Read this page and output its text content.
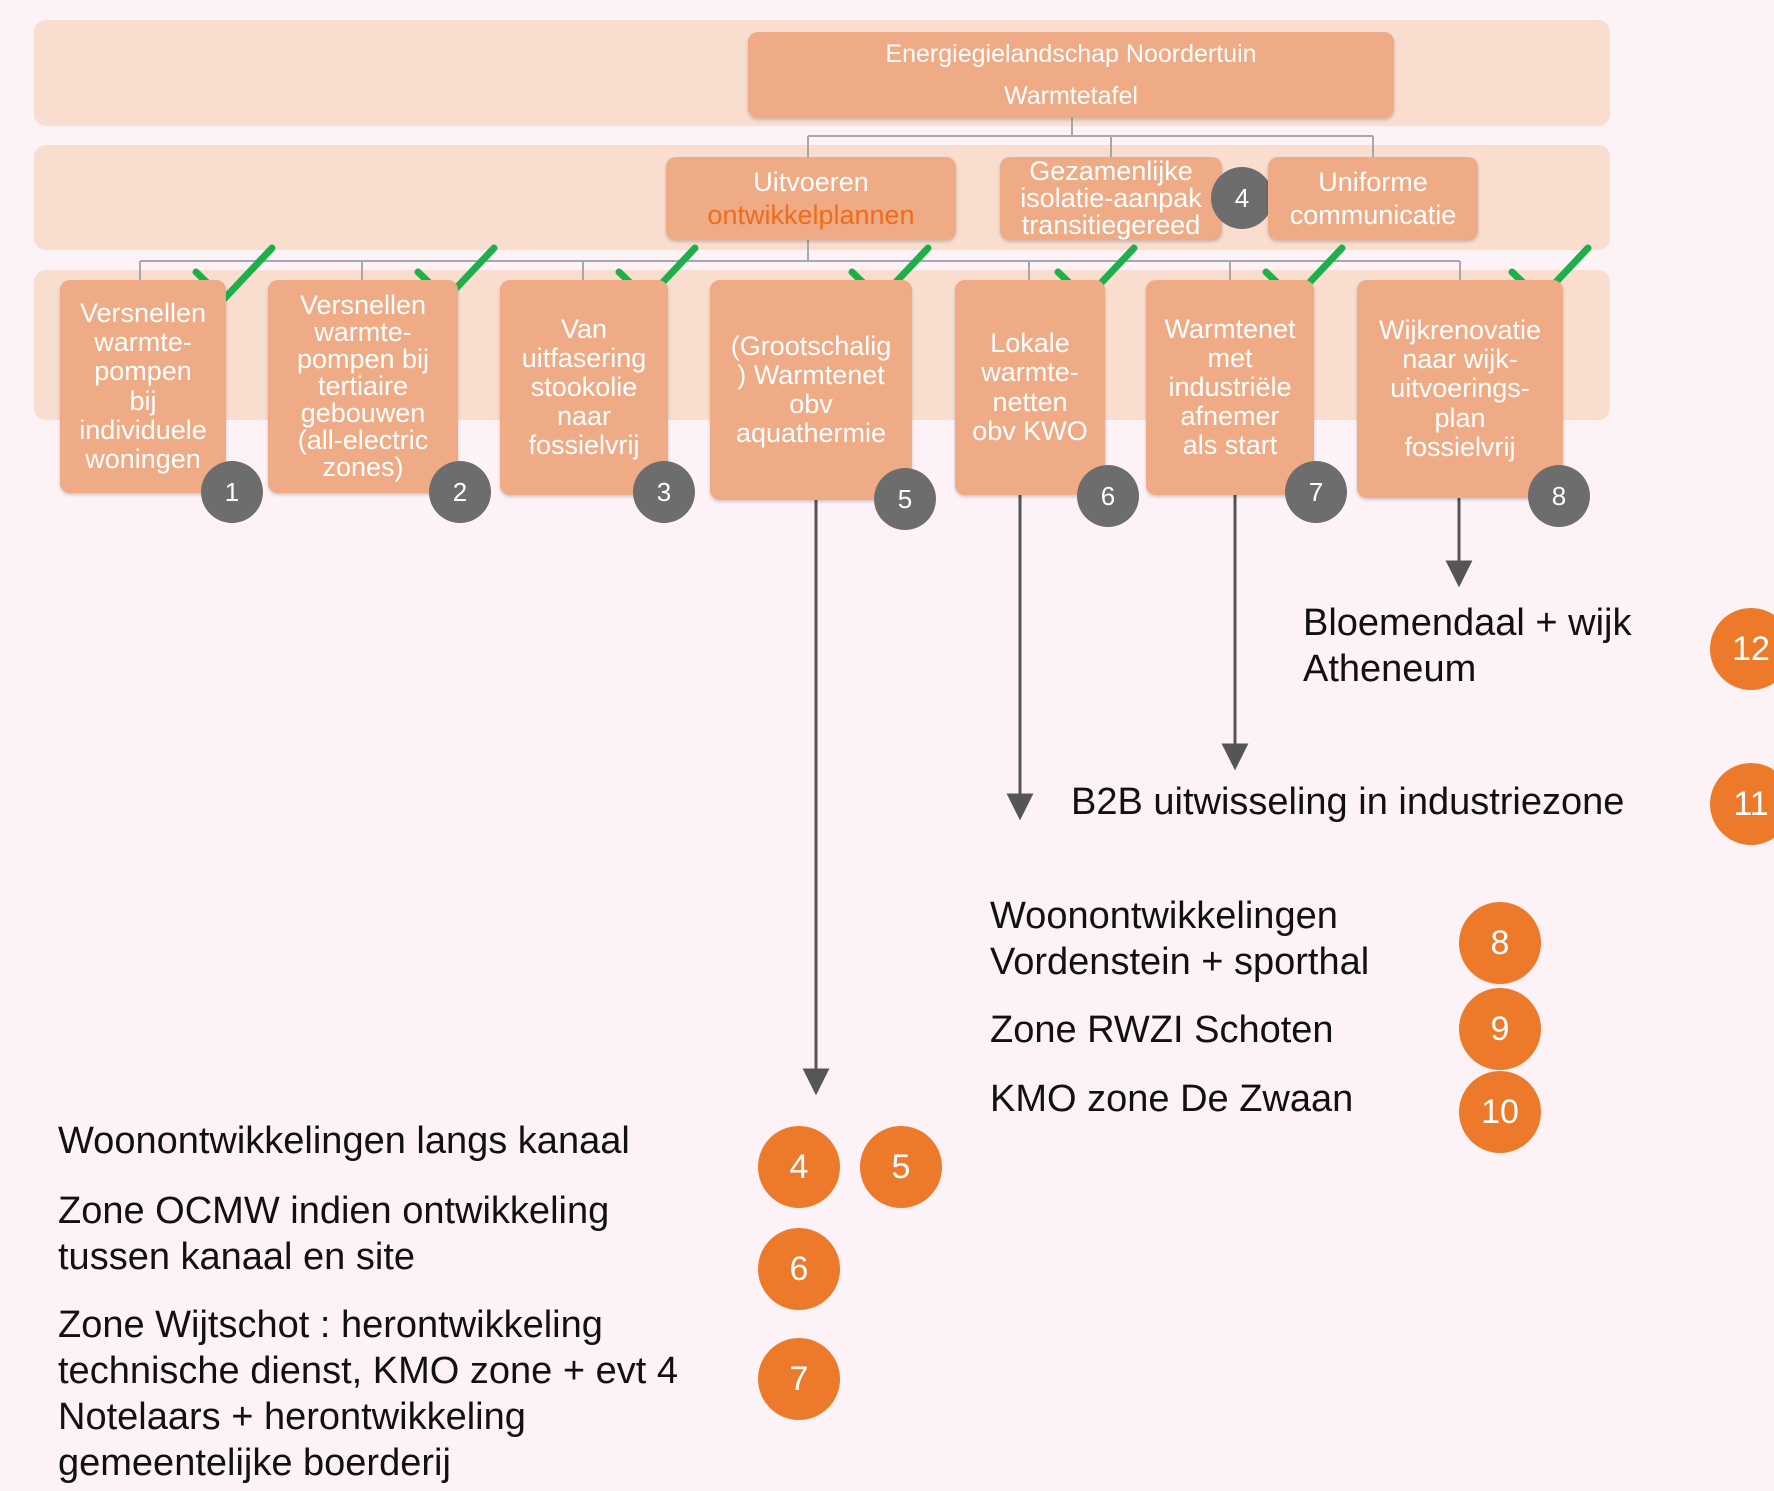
Energiegielandschap Noordertuin
Warmtetafel
Uitvoeren
ontwikkelplannen
Gezamenlijke
isolatie-aanpak
transitiegereed
4
Uniforme
communicatie
Versnellen
warmte-
pompen
bij
individuele
woningen
Versnellen
warmte-
pompen bij
tertiaire
gebouwen
(all-electric
zones)
Van
uitfasering
stookolie
naar
fossielvrij
(Grootschalig
) Warmtenet
obv
aquathermie
Lokale
warmte-
netten
obv KWO
Warmtenet
met
industriële
afnemer
als start
Wijkrenovatie
naar wijk-
uitvoerings-
plan
fossielvrij
1	2	3	5	6	7	8
Bloemendaal + wijk
Atheneum
B2B uitwisseling in industriezone
Woonontwikkelingen
Vordenstein + sporthal
Zone RWZI Schoten
KMO zone De Zwaan
Woonontwikkelingen langs kanaal
Zone OCMW indien ontwikkeling
tussen kanaal en site
Zone Wijtschot : herontwikkeling
technische dienst, KMO zone + evt 4
Notelaars + herontwikkeling
gemeentelijke boerderij
12
11
8
9
10
4	5
6
7
